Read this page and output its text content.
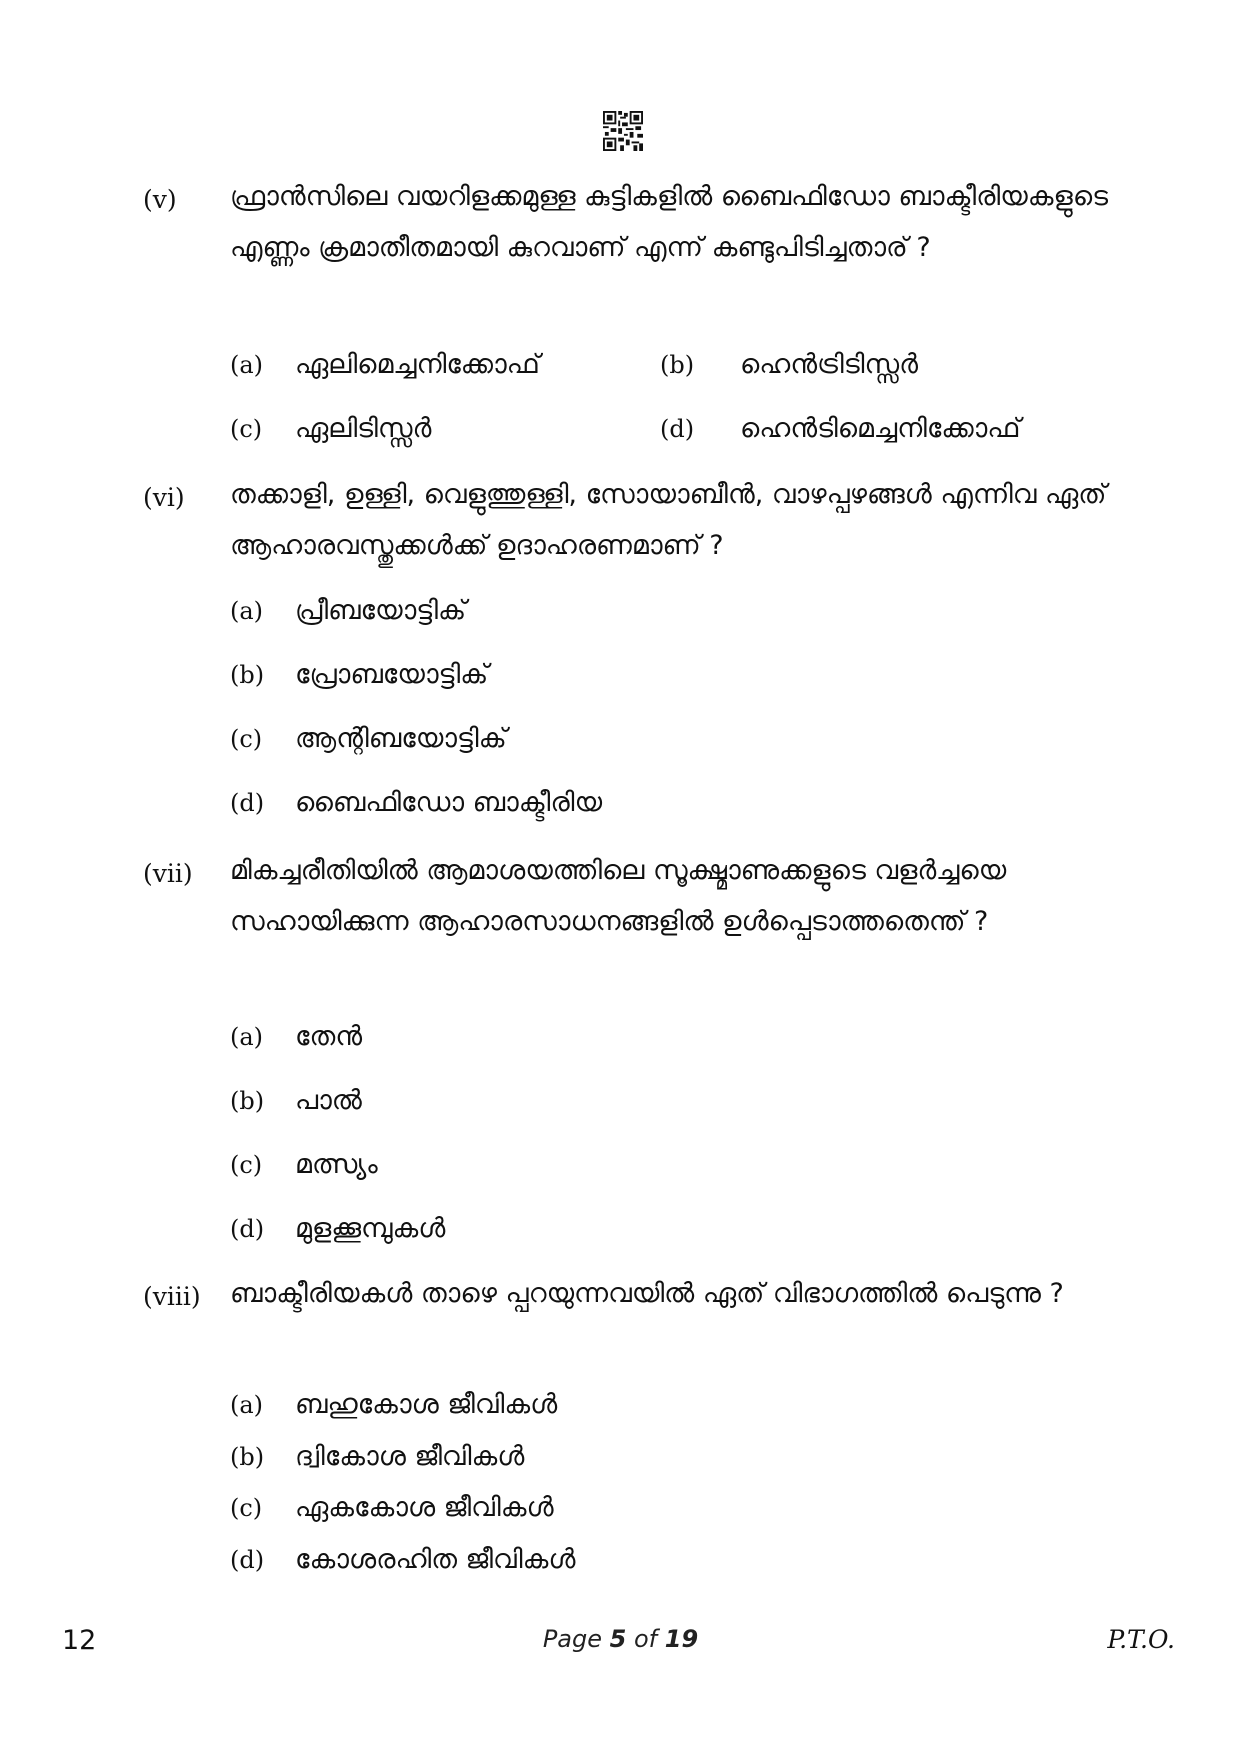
(v) ഫ്രാൻസിലെ വയറിളക്കമുള്ള കുട്ടികളിൽ ബൈഫിഡോ ബാക്ടീരിയകളുടെ എണ്ണം ക്രമാതീതമായി കുറവാണ് എന്ന് കണ്ടുപിടിച്ചതാര് ?
(a) ഏലിമെച്ചനിക്കോഫ്	(b) ഹെൻട്രിടിസ്സർ
(c) ഏലിടിസ്സർ	(d) ഹെൻടിമെച്ചനിക്കോഫ്
(vi) തക്കാളി, ഉള്ളി, വെളുത്തുള്ളി, സോയാബീൻ, വാഴപ്പഴങ്ങൾ എന്നിവ ഏത് ആഹാരവസ്തുക്കൾക്ക് ഉദാഹരണമാണ് ?
(a) പ്രീബയോട്ടിക്
(b) പ്രോബയോട്ടിക്
(c) ആന്റിബയോട്ടിക്
(d) ബൈഫിഡോ ബാക്ടീരിയ
(vii) മികച്ചരീതിയിൽ ആമാശയത്തിലെ സൂക്ഷ്മാണുക്കളുടെ വളർച്ചയെ സഹായിക്കുന്ന ആഹാരസാധനങ്ങളിൽ ഉൾപ്പെടാത്തതെന്ത് ?
(a) തേൻ
(b) പാൽ
(c) മത്സ്യം
(d) മുളക്കൂമ്പുകൾ
(viii) ബാക്ടീരിയകൾ താഴെ പ്പറയുന്നവയിൽ ഏത് വിഭാഗത്തിൽ പെടുന്നു ?
(a) ബഹുകോശ ജീവികൾ
(b) ദ്വികോശ ജീവികൾ
(c) ഏകകോശ ജീവികൾ
(d) കോശരഹിത ജീവികൾ
12	Page 5 of 19	P.T.O.
